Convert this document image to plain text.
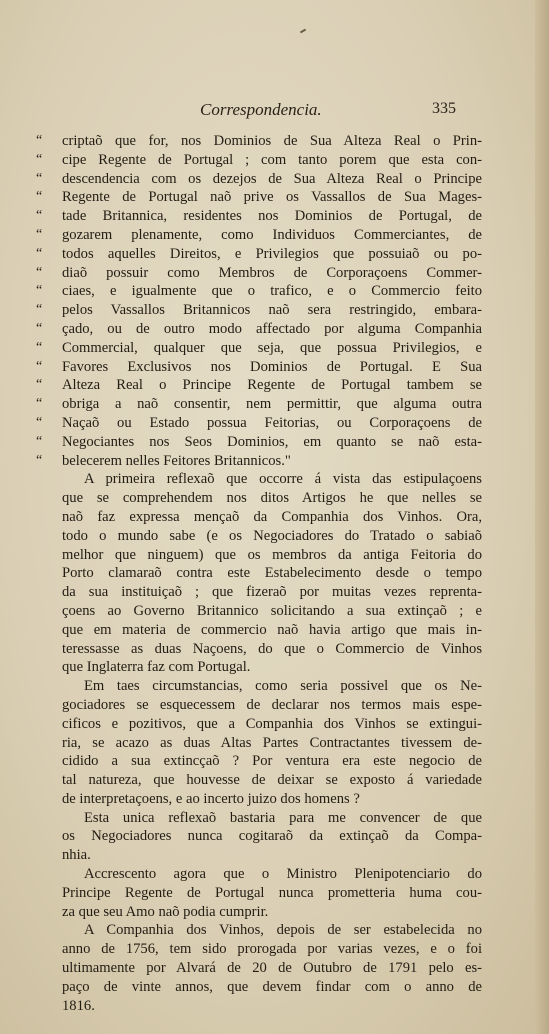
Correspondencia.	335
“ criptaõ que for, nos Dominios de Sua Alteza Real o Prin-
“ cipe Regente de Portugal ; com tanto porem que esta con-
“ descendencia com os dezejos de Sua Alteza Real o Principe
“ Regente de Portugal naõ prive os Vassallos de Sua Mages-
“ tade Britannica, residentes nos Dominios de Portugal, de
“ gozarem plenamente, como Individuos Commerciantes, de
“ todos aquelles Direitos, e Privilegios que possuiaõ ou po-
“ diaõ possuir como Membros de Corporaçoens Commer-
“ ciaes, e igualmente que o trafico, e o Commercio feito
“ pelos Vassallos Britannicos naõ sera restringido, embara-
“ çado, ou de outro modo affectado por alguma Companhia
“ Commercial, qualquer que seja, que possua Privilegios, e
“ Favores Exclusivos nos Dominios de Portugal. E Sua
“ Alteza Real o Principe Regente de Portugal tambem se
“ obriga a naõ consentir, nem permittir, que alguma outra
“ Naçaõ ou Estado possua Feitorias, ou Corporaçoens de
“ Negociantes nos Seos Dominios, em quanto se naõ esta-
“ belecerem nelles Feitores Britannicos."
A primeira reflexaõ que occorre á vista das estipulaçoens
que se comprehendem nos ditos Artigos he que nelles se
naõ faz expressa mençaõ da Companhia dos Vinhos. Ora,
todo o mundo sabe (e os Negociadores do Tratado o sabiaõ
melhor que ninguem) que os membros da antiga Feitoria do
Porto clamaraõ contra este Estabelecimento desde o tempo
da sua instituiçaõ ; que fizeraõ por muitas vezes reprenta-
çoens ao Governo Britannico solicitando a sua extinçaõ ; e
que em materia de commercio naõ havia artigo que mais in-
teressasse as duas Naçoens, do que o Commercio de Vinhos
que Inglaterra faz com Portugal.
Em taes circumstancias, como seria possivel que os Ne-
gociadores se esquecessem de declarar nos termos mais espe-
cificos e pozitivos, que a Companhia dos Vinhos se extingui-
ria, se acazo as duas Altas Partes Contractantes tivessem de-
cidido a sua extincçaõ ? Por ventura era este negocio de
tal natureza, que houvesse de deixar se exposto á variedade
de interpretaçoens, e ao incerto juizo dos homens ?
Esta unica reflexaõ bastaria para me convencer de que
os Negociadores nunca cogitaraõ da extinçaõ da Compa-
nhia.
Accrescento agora que o Ministro Plenipotenciario do
Principe Regente de Portugal nunca prometteria huma cou-
za que seu Amo naõ podia cumprir.
A Companhia dos Vinhos, depois de ser estabelecida no
anno de 1756, tem sido prorogada por varias vezes, e o foi
ultimamente por Alvará de 20 de Outubro de 1791 pelo es-
paço de vinte annos, que devem findar com o anno de
1816.
